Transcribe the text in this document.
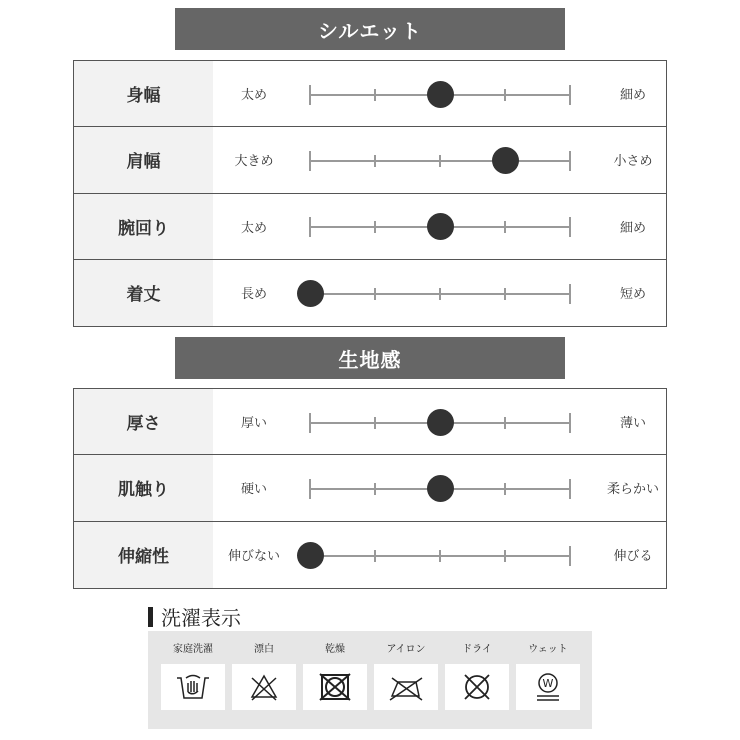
シルエット
身幅	太め	細め
肩幅	大きめ	小さめ
腕回り	太め	細め
着丈	長め	短め
生地感
厚さ	厚い	薄い
肌触り	硬い	柔らかい
伸縮性	伸びない	伸びる
洗濯表示
家庭洗濯	漂白	乾燥	アイロン	ドライ	ウェット
W
